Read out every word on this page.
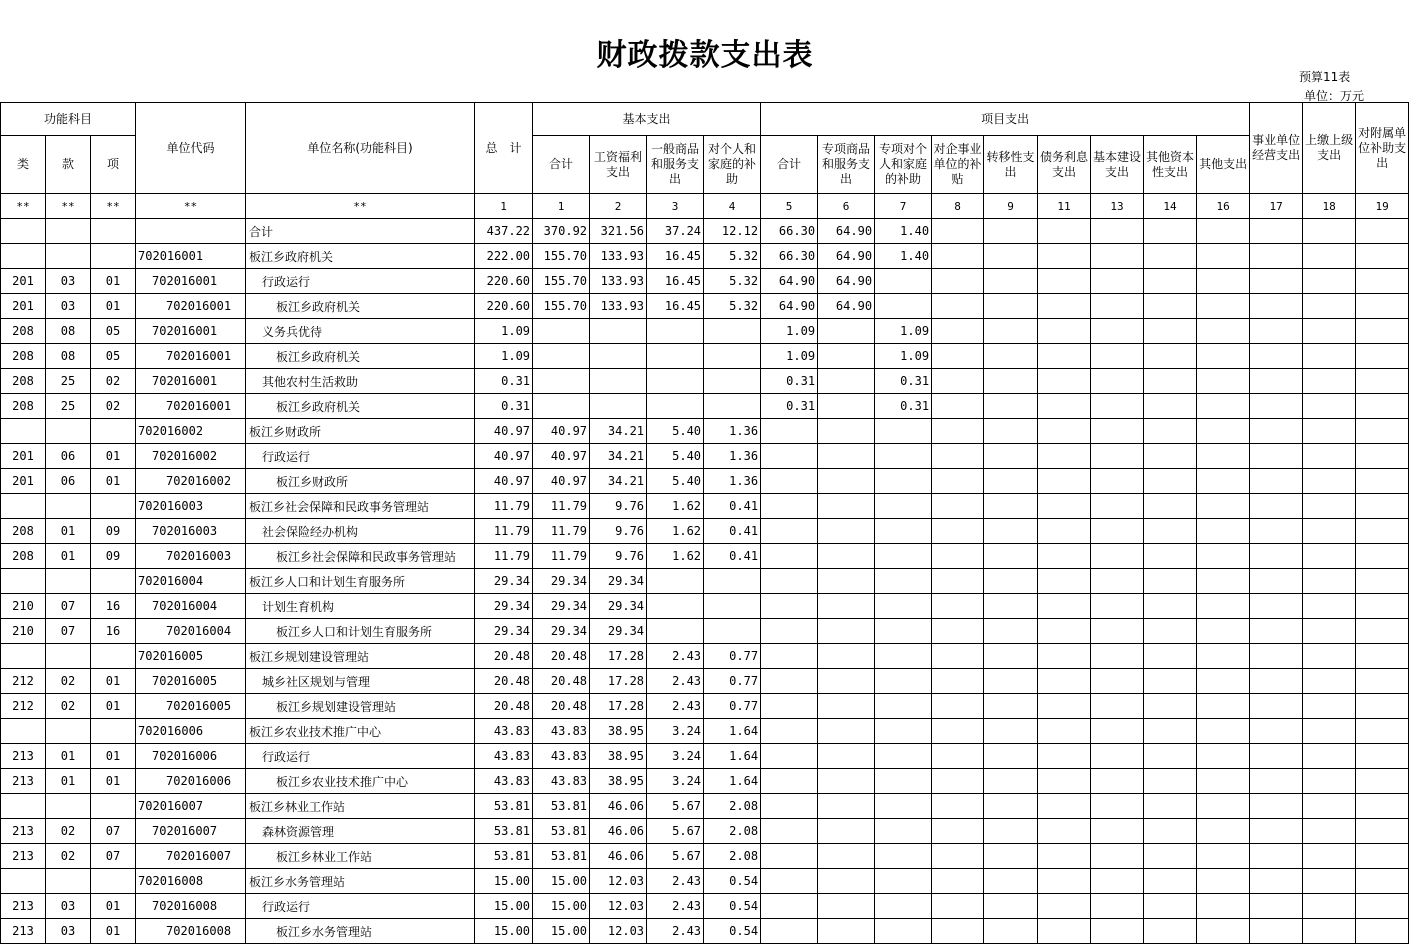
财政拨款支出表
预算11表
单位：万元
功能科目			单位代码	单位名称(功能科目)	总　计	基本支出				项目支出									事业单位经营支出	上缴上级支出	对附属单位补助支出
类	款	项				合计	工资福利支出	一般商品和服务支出	对个人和家庭的补助	合计	专项商品和服务支出	专项对个人和家庭的补助	对企事业单位的补贴	转移性支出	债务利息支出	基本建设支出	其他资本性支出	其他支出			
**	**	**	**	**	1	1	2	3	4	5	6	7	8	9	11	13	14	16	17	18	19
				合计	437.22	370.92	321.56	37.24	12.12	66.30	64.90	1.40									
			702016001	板江乡政府机关	222.00	155.70	133.93	16.45	5.32	66.30	64.90	1.40									
201	03	01	702016001	行政运行	220.60	155.70	133.93	16.45	5.32	64.90	64.90										
201	03	01	702016001	板江乡政府机关	220.60	155.70	133.93	16.45	5.32	64.90	64.90										
208	08	05	702016001	义务兵优待	1.09					1.09		1.09									
208	08	05	702016001	板江乡政府机关	1.09					1.09		1.09									
208	25	02	702016001	其他农村生活救助	0.31					0.31		0.31									
208	25	02	702016001	板江乡政府机关	0.31					0.31		0.31									
			702016002	板江乡财政所	40.97	40.97	34.21	5.40	1.36												
201	06	01	702016002	行政运行	40.97	40.97	34.21	5.40	1.36												
201	06	01	702016002	板江乡财政所	40.97	40.97	34.21	5.40	1.36												
			702016003	板江乡社会保障和民政事务管理站	11.79	11.79	9.76	1.62	0.41												
208	01	09	702016003	社会保险经办机构	11.79	11.79	9.76	1.62	0.41												
208	01	09	702016003	板江乡社会保障和民政事务管理站	11.79	11.79	9.76	1.62	0.41												
			702016004	板江乡人口和计划生育服务所	29.34	29.34	29.34														
210	07	16	702016004	计划生育机构	29.34	29.34	29.34														
210	07	16	702016004	板江乡人口和计划生育服务所	29.34	29.34	29.34														
			702016005	板江乡规划建设管理站	20.48	20.48	17.28	2.43	0.77												
212	02	01	702016005	城乡社区规划与管理	20.48	20.48	17.28	2.43	0.77												
212	02	01	702016005	板江乡规划建设管理站	20.48	20.48	17.28	2.43	0.77												
			702016006	板江乡农业技术推广中心	43.83	43.83	38.95	3.24	1.64												
213	01	01	702016006	行政运行	43.83	43.83	38.95	3.24	1.64												
213	01	01	702016006	板江乡农业技术推广中心	43.83	43.83	38.95	3.24	1.64												
			702016007	板江乡林业工作站	53.81	53.81	46.06	5.67	2.08												
213	02	07	702016007	森林资源管理	53.81	53.81	46.06	5.67	2.08												
213	02	07	702016007	板江乡林业工作站	53.81	53.81	46.06	5.67	2.08												
			702016008	板江乡水务管理站	15.00	15.00	12.03	2.43	0.54												
213	03	01	702016008	行政运行	15.00	15.00	12.03	2.43	0.54												
213	03	01	702016008	板江乡水务管理站	15.00	15.00	12.03	2.43	0.54												
